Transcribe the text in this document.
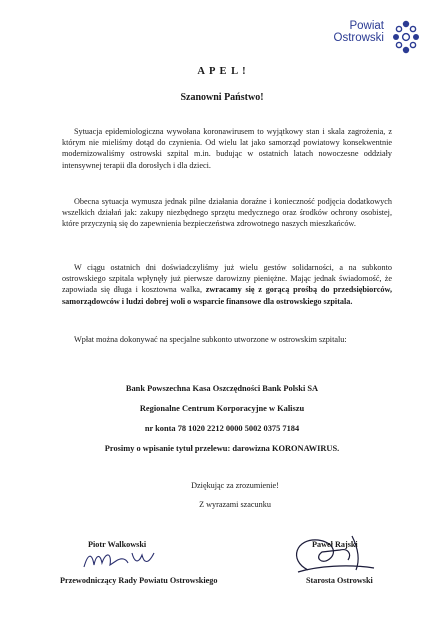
Powiat
Ostrowski
A P E L !
Szanowni Państwo!
Sytuacja epidemiologiczna wywołana koronawirusem to wyjątkowy stan i skala zagrożenia, z którym nie mieliśmy dotąd do czynienia. Od wielu lat jako samorząd powiatowy konsekwentnie modernizowaliśmy ostrowski szpital m.in. budując w ostatnich latach nowoczesne oddziały intensywnej terapii dla dorosłych i dla dzieci.
Obecna sytuacja wymusza jednak pilne działania doraźne i konieczność podjęcia dodatkowych wszelkich działań jak: zakupy niezbędnego sprzętu medycznego oraz środków ochrony osobistej, które przyczynią się do zapewnienia bezpieczeństwa zdrowotnego naszych mieszkańców.
W ciągu ostatnich dni doświadczyliśmy już wielu gestów solidarności, a na subkonto ostrowskiego szpitala wpłynęły już pierwsze darowizny pieniężne. Mając jednak świadomość, że zapowiada się długa i kosztowna walka, zwracamy się z gorącą prośbą do przedsiębiorców, samorządowców i ludzi dobrej woli o wsparcie finansowe dla ostrowskiego szpitala.
Wpłat można dokonywać na specjalne subkonto utworzone w ostrowskim szpitalu:
Bank Powszechna Kasa Oszczędności Bank Polski SA
Regionalne Centrum Korporacyjne w Kaliszu
nr konta 78 1020 2212 0000 5002 0375 7184
Prosimy o wpisanie tytuł przelewu: darowizna KORONAWIRUS.
Dziękując za zrozumienie!
Z wyrazami szacunku
Piotr Walkowski
Przewodniczący Rady Powiatu Ostrowskiego
Paweł Rajski
Starosta Ostrowski
